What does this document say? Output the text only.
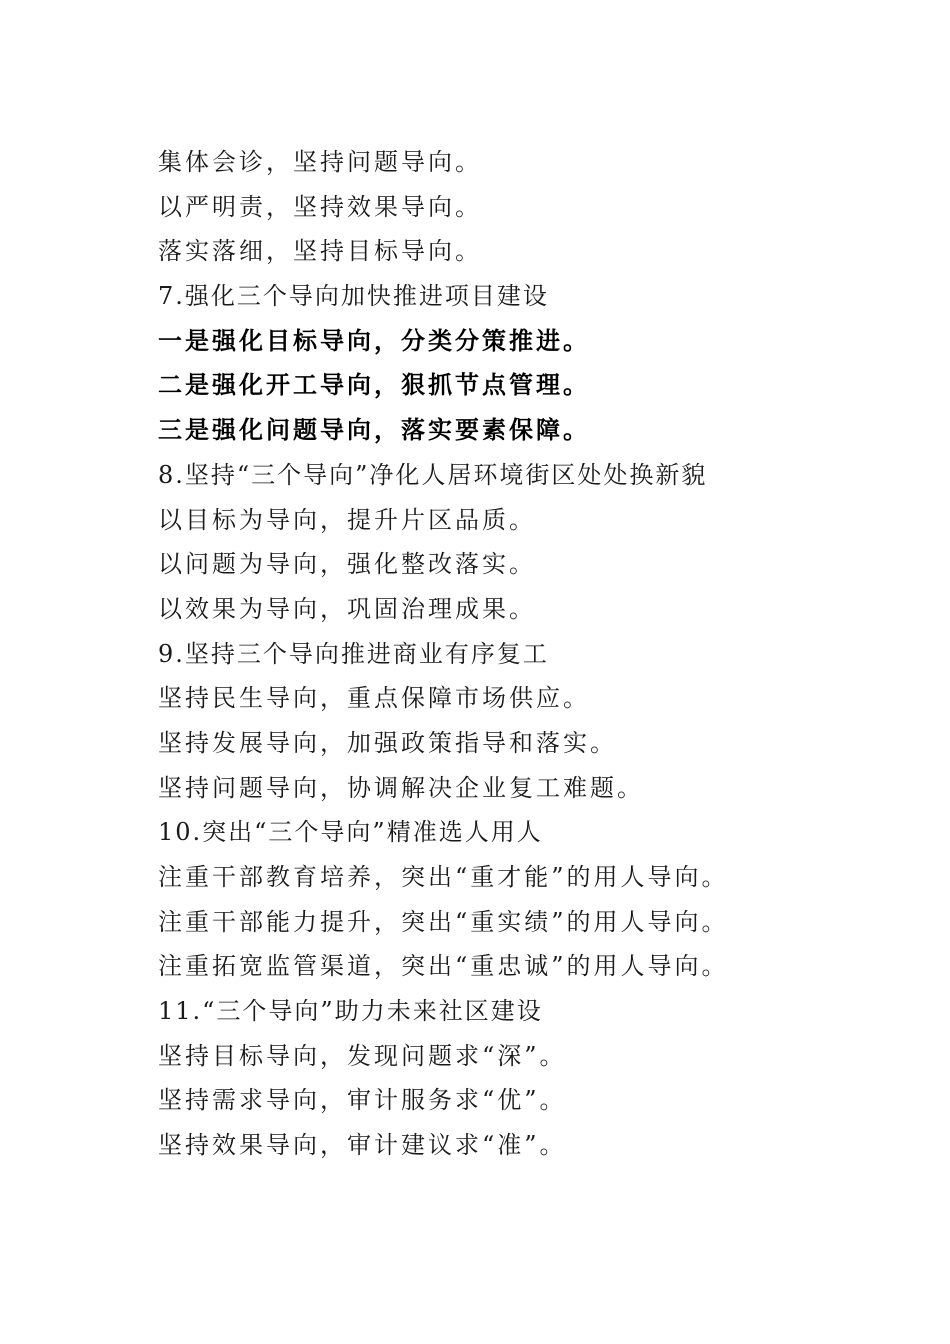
集体会诊，坚持问题导向。
以严明责，坚持效果导向。
落实落细，坚持目标导向。
7.强化三个导向加快推进项目建设
一是强化目标导向，分类分策推进。
二是强化开工导向，狠抓节点管理。
三是强化问题导向，落实要素保障。
8.坚持“三个导向”净化人居环境街区处处换新貌
以目标为导向，提升片区品质。
以问题为导向，强化整改落实。
以效果为导向，巩固治理成果。
9.坚持三个导向推进商业有序复工
坚持民生导向，重点保障市场供应。
坚持发展导向，加强政策指导和落实。
坚持问题导向，协调解决企业复工难题。
10.突出“三个导向”精准选人用人
注重干部教育培养，突出“重才能”的用人导向。
注重干部能力提升，突出“重实绩”的用人导向。
注重拓宽监管渠道，突出“重忠诚”的用人导向。
11.“三个导向”助力未来社区建设
坚持目标导向，发现问题求“深”。
坚持需求导向，审计服务求“优”。
坚持效果导向，审计建议求“准”。
